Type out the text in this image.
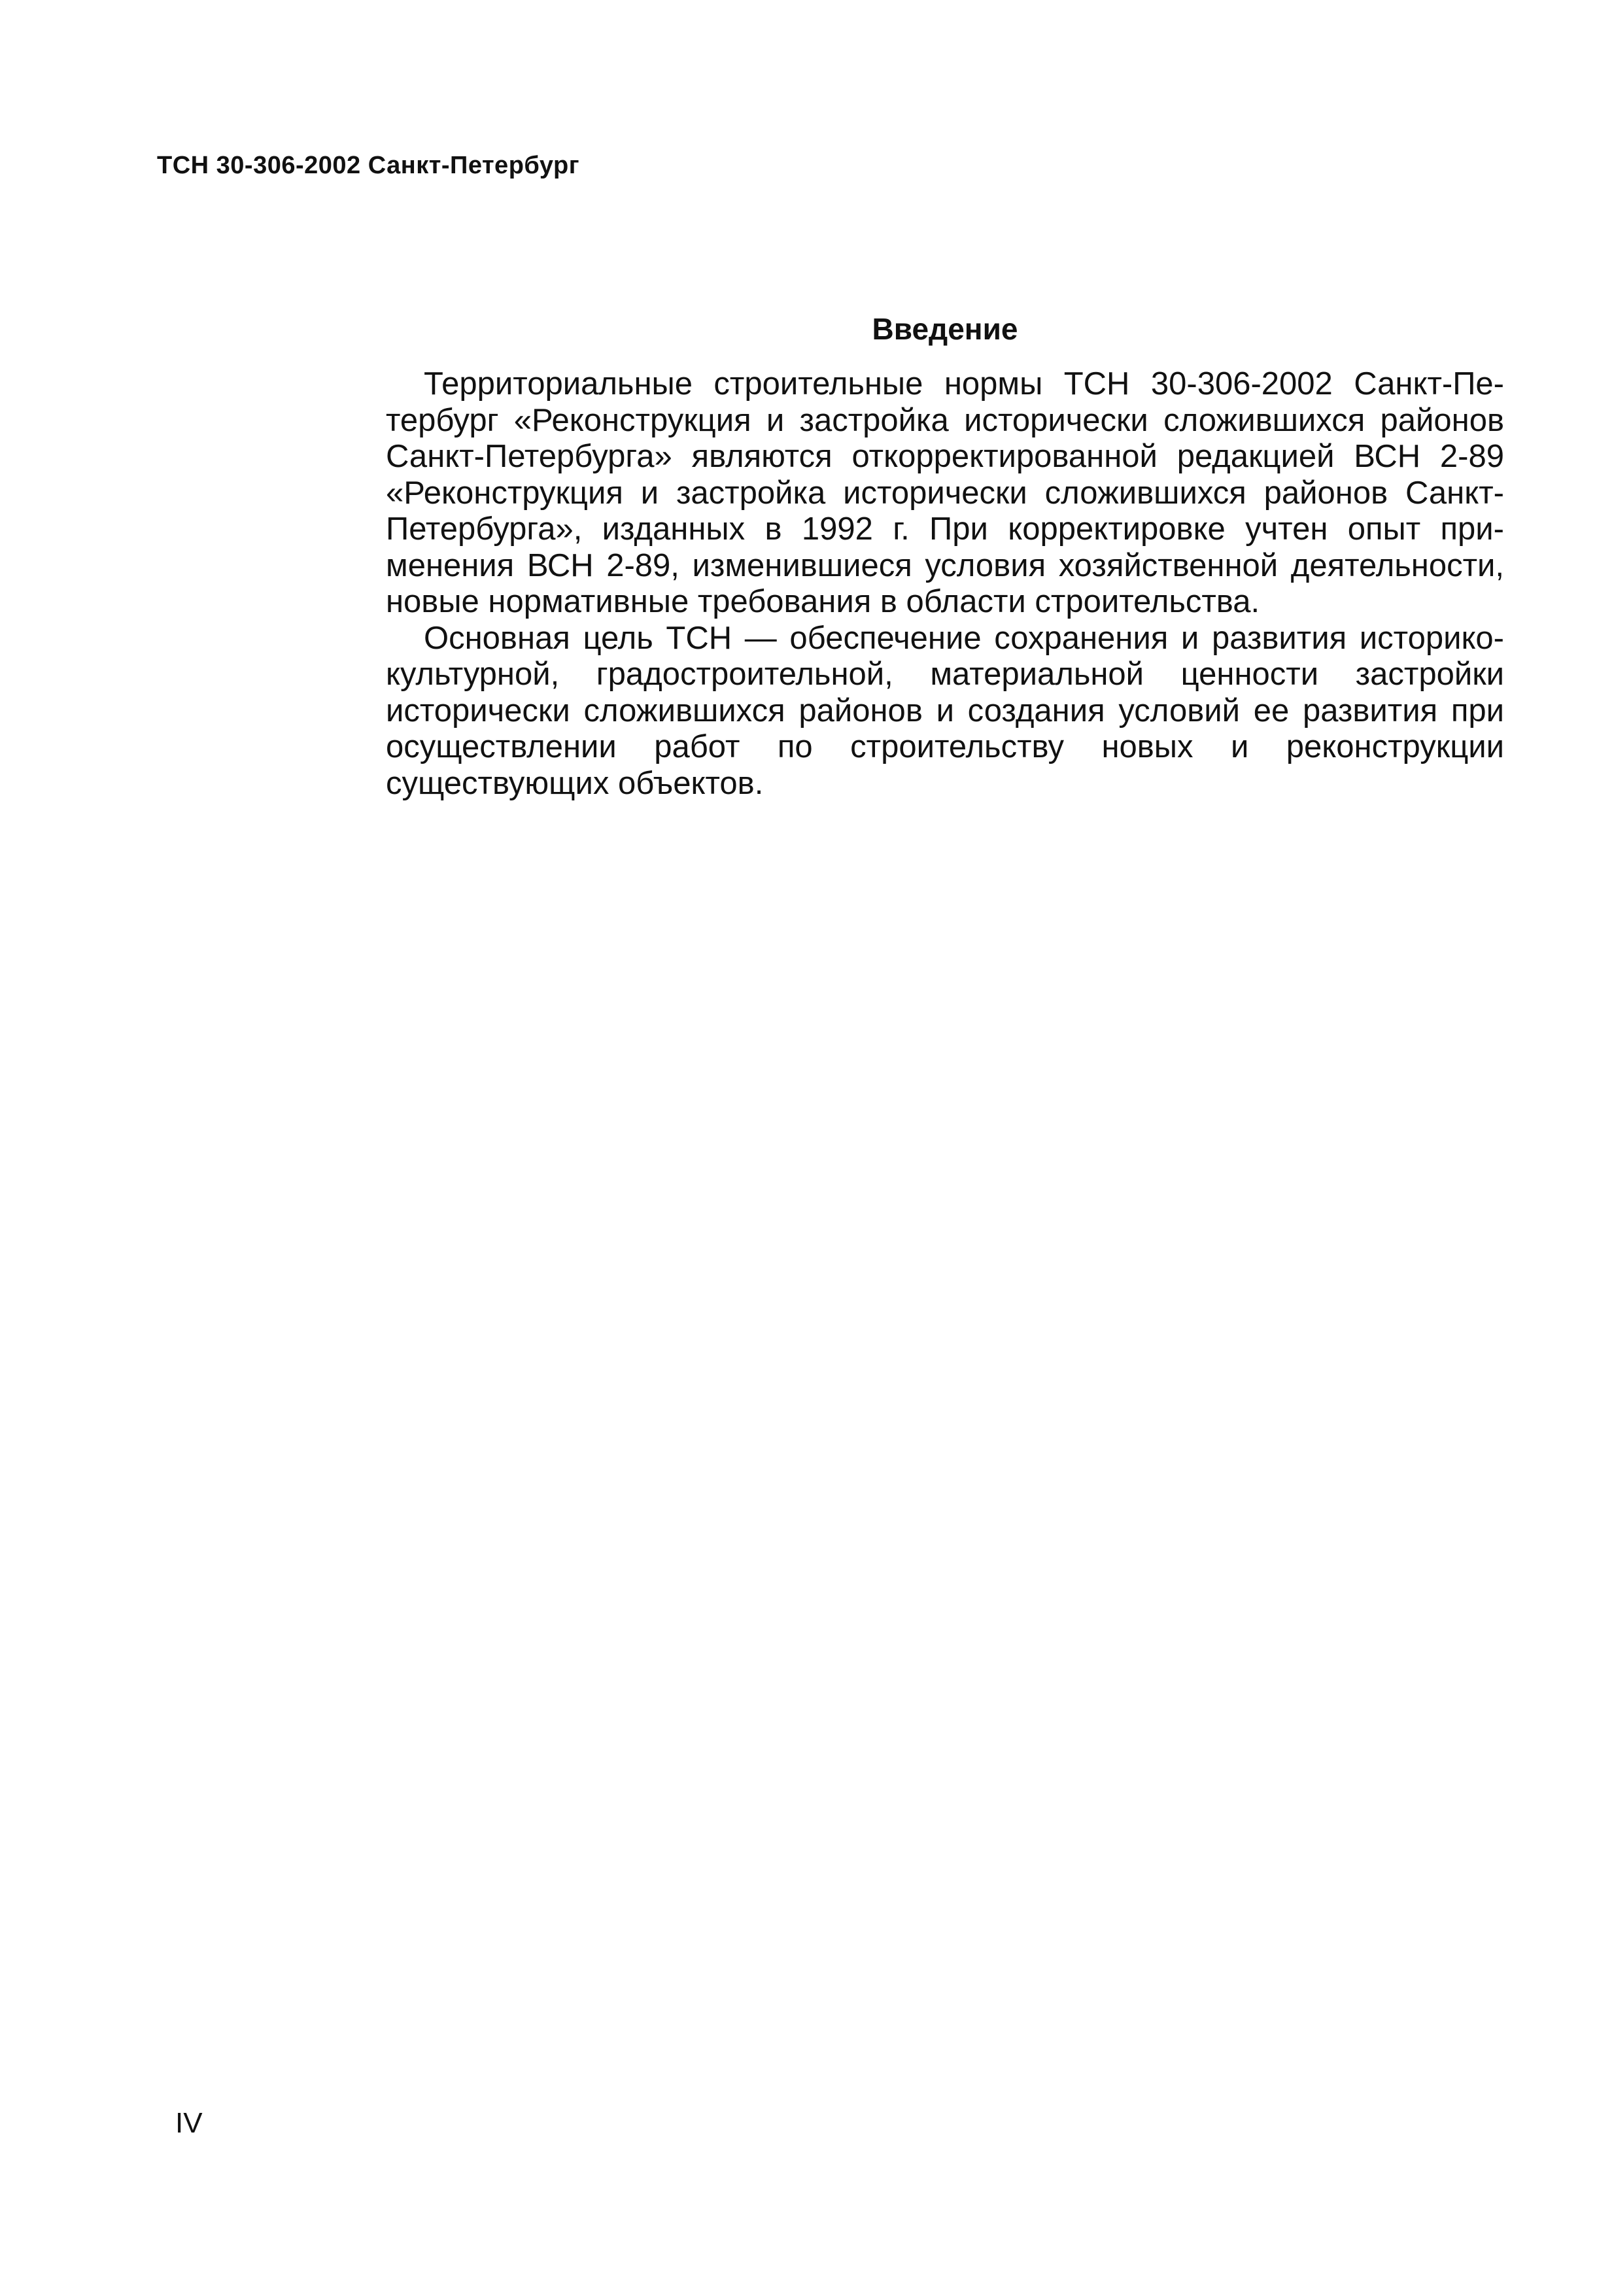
ТСН 30-306-2002 Санкт-Петербург
Введение

Территориальные строительные нормы ТСН 30-306-2002 Санкт-Петербург «Реконструкция и застройка исторически сложившихся районов Санкт-Петербурга» являются откорректированной редакцией ВСН 2-89 «Реконструкция и застройка исторически сложившихся районов Санкт-Петербурга», изданных в 1992 г. При корректировке учтен опыт применения ВСН 2-89, изменившиеся условия хозяйственной деятельности, новые нормативные требования в области строительства.

Основная цель ТСН — обеспечение сохранения и развития историко-культурной, градостроительной, материальной ценности застройки исторически сложившихся районов и создания условий ее развития при осуществлении работ по строительству новых и реконструкции существующих объектов.

IV
